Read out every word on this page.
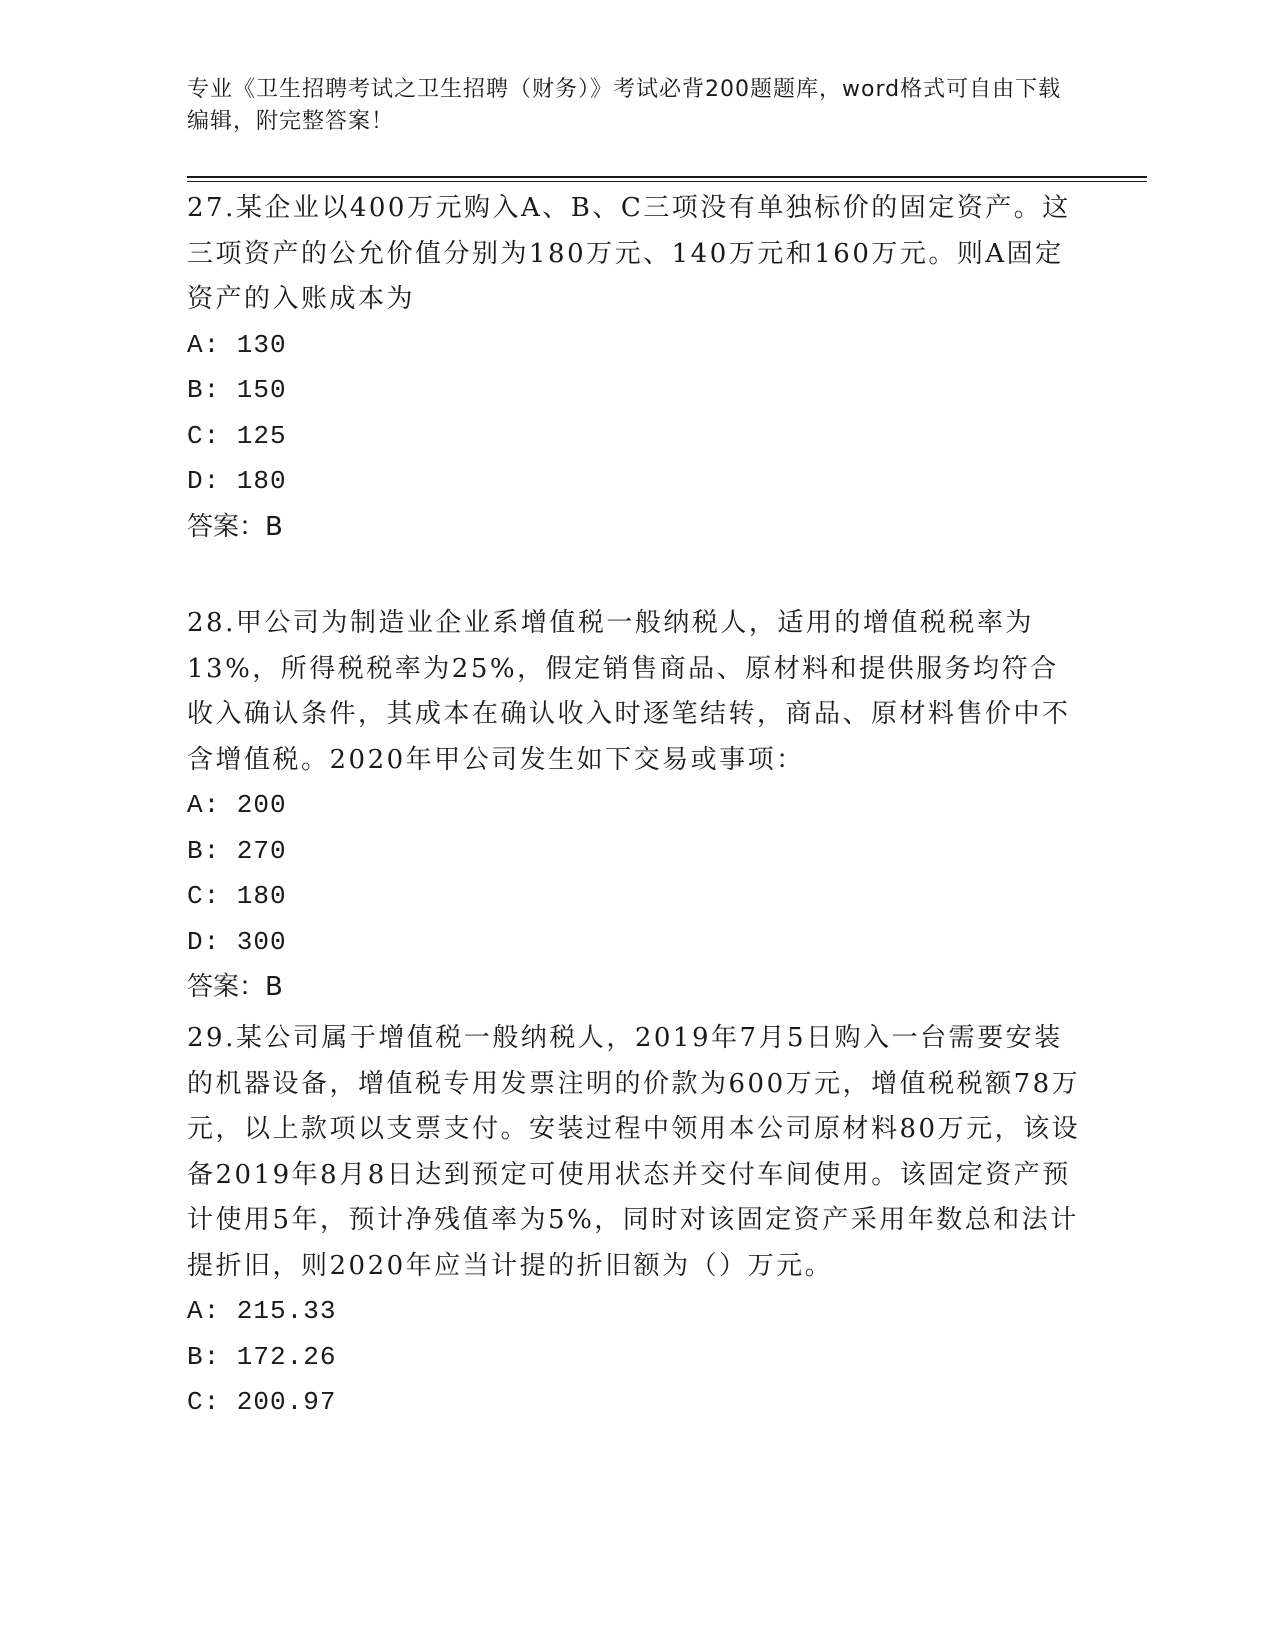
专业《卫生招聘考试之卫生招聘（财务）》考试必背200题题库，word格式可自由下载编辑，附完整答案！

27.某企业以400万元购入A、B、C三项没有单独标价的固定资产。这三项资产的公允价值分别为180万元、140万元和160万元。则A固定资产的入账成本为

A: 130

B: 150

C: 125

D: 180

答案：B

28.甲公司为制造业企业系增值税一般纳税人，适用的增值税税率为13%，所得税税率为25%，假定销售商品、原材料和提供服务均符合收入确认条件，其成本在确认收入时逐笔结转，商品、原材料售价中不含增值税。2020年甲公司发生如下交易或事项：

A: 200

B: 270

C: 180

D: 300

答案：B

29.某公司属于增值税一般纳税人，2019年7月5日购入一台需要安装的机器设备，增值税专用发票注明的价款为600万元，增值税税额78万元，以上款项以支票支付。安装过程中领用本公司原材料80万元，该设备2019年8月8日达到预定可使用状态并交付车间使用。该固定资产预计使用5年，预计净残值率为5%，同时对该固定资产采用年数总和法计提折旧，则2020年应当计提的折旧额为（）万元。

A: 215.33

B: 172.26

C: 200.97
